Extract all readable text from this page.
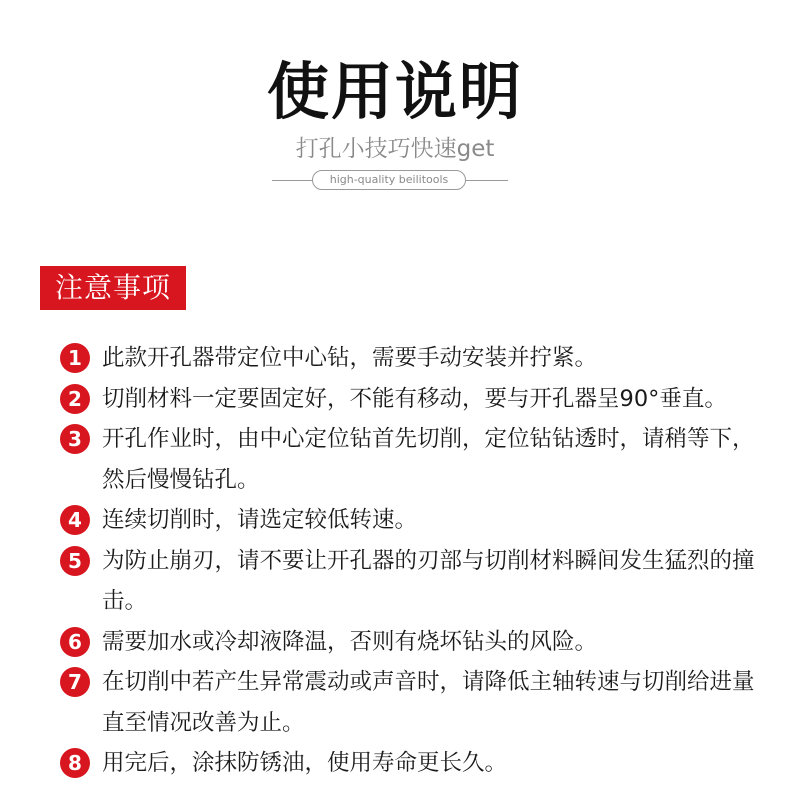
使用说明
打孔小技巧快速get
high-quality beilitools
注意事项
1 此款开孔器带定位中心钻，需要手动安装并拧紧。
2 切削材料一定要固定好，不能有移动，要与开孔器呈90°垂直。
3 开孔作业时，由中心定位钻首先切削，定位钻钻透时，请稍等下，然后慢慢钻孔。
4 连续切削时，请选定较低转速。
5 为防止崩刃，请不要让开孔器的刃部与切削材料瞬间发生猛烈的撞击。
6 需要加水或冷却液降温，否则有烧坏钻头的风险。
7 在切削中若产生异常震动或声音时，请降低主轴转速与切削给进量直至情况改善为止。
8 用完后，涂抹防锈油，使用寿命更长久。
